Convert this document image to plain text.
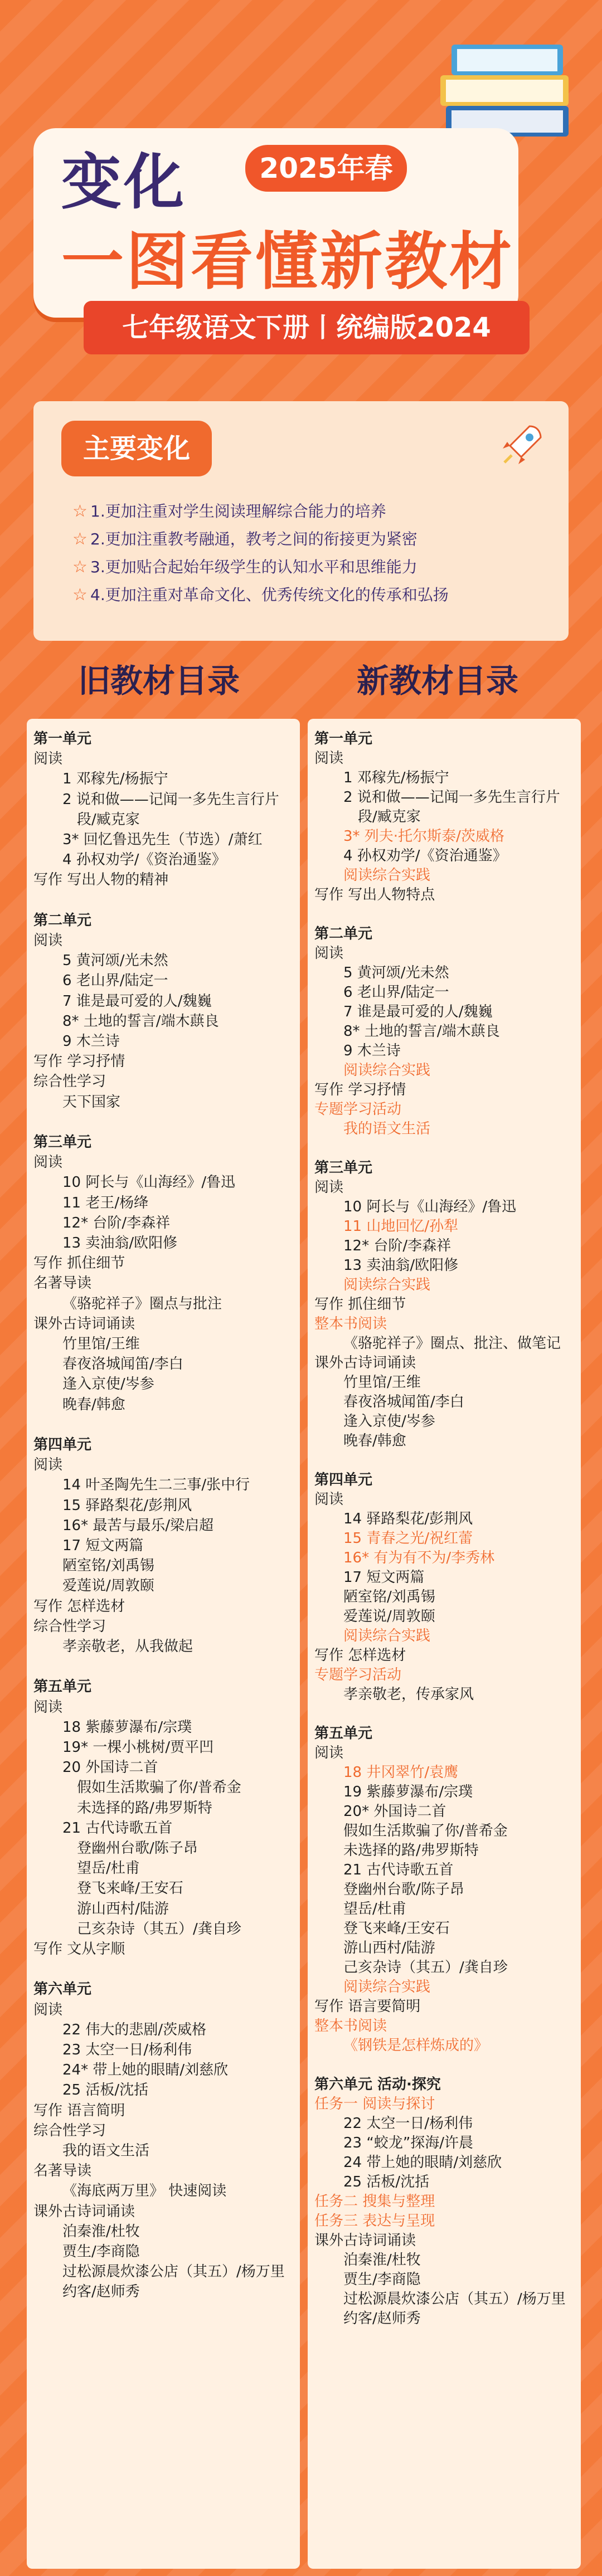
变化	2025年春
一图看懂新教材
七年级语文下册丨统编版2024
主要变化
☆ 1.更加注重对学生阅读理解综合能力的培养
☆ 2.更加注重教考融通，教考之间的衔接更为紧密
☆ 3.更加贴合起始年级学生的认知水平和思维能力
☆ 4.更加注重对革命文化、优秀传统文化的传承和弘扬
旧教材目录	新教材目录
第一单元
阅读
1 邓稼先/杨振宁
2 说和做——记闻一多先生言行片
段/臧克家
3* 回忆鲁迅先生（节选）/萧红
4 孙权劝学/《资治通鉴》
写作 写出人物的精神
第二单元
阅读
5 黄河颂/光未然
6 老山界/陆定一
7 谁是最可爱的人/魏巍
8* 土地的誓言/端木蕻良
9 木兰诗
写作 学习抒情
综合性学习
天下国家
第三单元
阅读
10 阿长与《山海经》/鲁迅
11 老王/杨绛
12* 台阶/李森祥
13 卖油翁/欧阳修
写作 抓住细节
名著导读
《骆驼祥子》圈点与批注
课外古诗词诵读
竹里馆/王维
春夜洛城闻笛/李白
逢入京使/岑参
晚春/韩愈
第四单元
阅读
14 叶圣陶先生二三事/张中行
15 驿路梨花/彭荆风
16* 最苦与最乐/梁启超
17 短文两篇
陋室铭/刘禹锡
爱莲说/周敦颐
写作 怎样选材
综合性学习
孝亲敬老，从我做起
第五单元
阅读
18 紫藤萝瀑布/宗璞
19* 一棵小桃树/贾平凹
20 外国诗二首
假如生活欺骗了你/普希金
未选择的路/弗罗斯特
21 古代诗歌五首
登幽州台歌/陈子昂
望岳/杜甫
登飞来峰/王安石
游山西村/陆游
己亥杂诗（其五）/龚自珍
写作 文从字顺
第六单元
阅读
22 伟大的悲剧/茨威格
23 太空一日/杨利伟
24* 带上她的眼睛/刘慈欣
25 活板/沈括
写作 语言简明
综合性学习
我的语文生活
名著导读
《海底两万里》 快速阅读
课外古诗词诵读
泊秦淮/杜牧
贾生/李商隐
过松源晨炊漆公店（其五）/杨万里
约客/赵师秀
第一单元
阅读
1 邓稼先/杨振宁
2 说和做——记闻一多先生言行片
段/臧克家
3* 列夫·托尔斯泰/茨威格
4 孙权劝学/《资治通鉴》
阅读综合实践
写作 写出人物特点
第二单元
阅读
5 黄河颂/光未然
6 老山界/陆定一
7 谁是最可爱的人/魏巍
8* 土地的誓言/端木蕻良
9 木兰诗
阅读综合实践
写作 学习抒情
专题学习活动
我的语文生活
第三单元
阅读
10 阿长与《山海经》/鲁迅
11 山地回忆/孙犁
12* 台阶/李森祥
13 卖油翁/欧阳修
阅读综合实践
写作 抓住细节
整本书阅读
《骆驼祥子》圈点、批注、做笔记
课外古诗词诵读
竹里馆/王维
春夜洛城闻笛/李白
逢入京使/岑参
晚春/韩愈
第四单元
阅读
14 驿路梨花/彭荆风
15 青春之光/祝红蕾
16* 有为有不为/李秀林
17 短文两篇
陋室铭/刘禹锡
爱莲说/周敦颐
阅读综合实践
写作 怎样选材
专题学习活动
孝亲敬老，传承家风
第五单元
阅读
18 井冈翠竹/袁鹰
19 紫藤萝瀑布/宗璞
20* 外国诗二首
假如生活欺骗了你/普希金
未选择的路/弗罗斯特
21 古代诗歌五首
登幽州台歌/陈子昂
望岳/杜甫
登飞来峰/王安石
游山西村/陆游
己亥杂诗（其五）/龚自珍
阅读综合实践
写作 语言要简明
整本书阅读
《钢铁是怎样炼成的》
第六单元 活动·探究
任务一 阅读与探讨
22 太空一日/杨利伟
23 “蛟龙”探海/许晨
24 带上她的眼睛/刘慈欣
25 活板/沈括
任务二 搜集与整理
任务三 表达与呈现
课外古诗词诵读
泊秦淮/杜牧
贾生/李商隐
过松源晨炊漆公店（其五）/杨万里
约客/赵师秀
